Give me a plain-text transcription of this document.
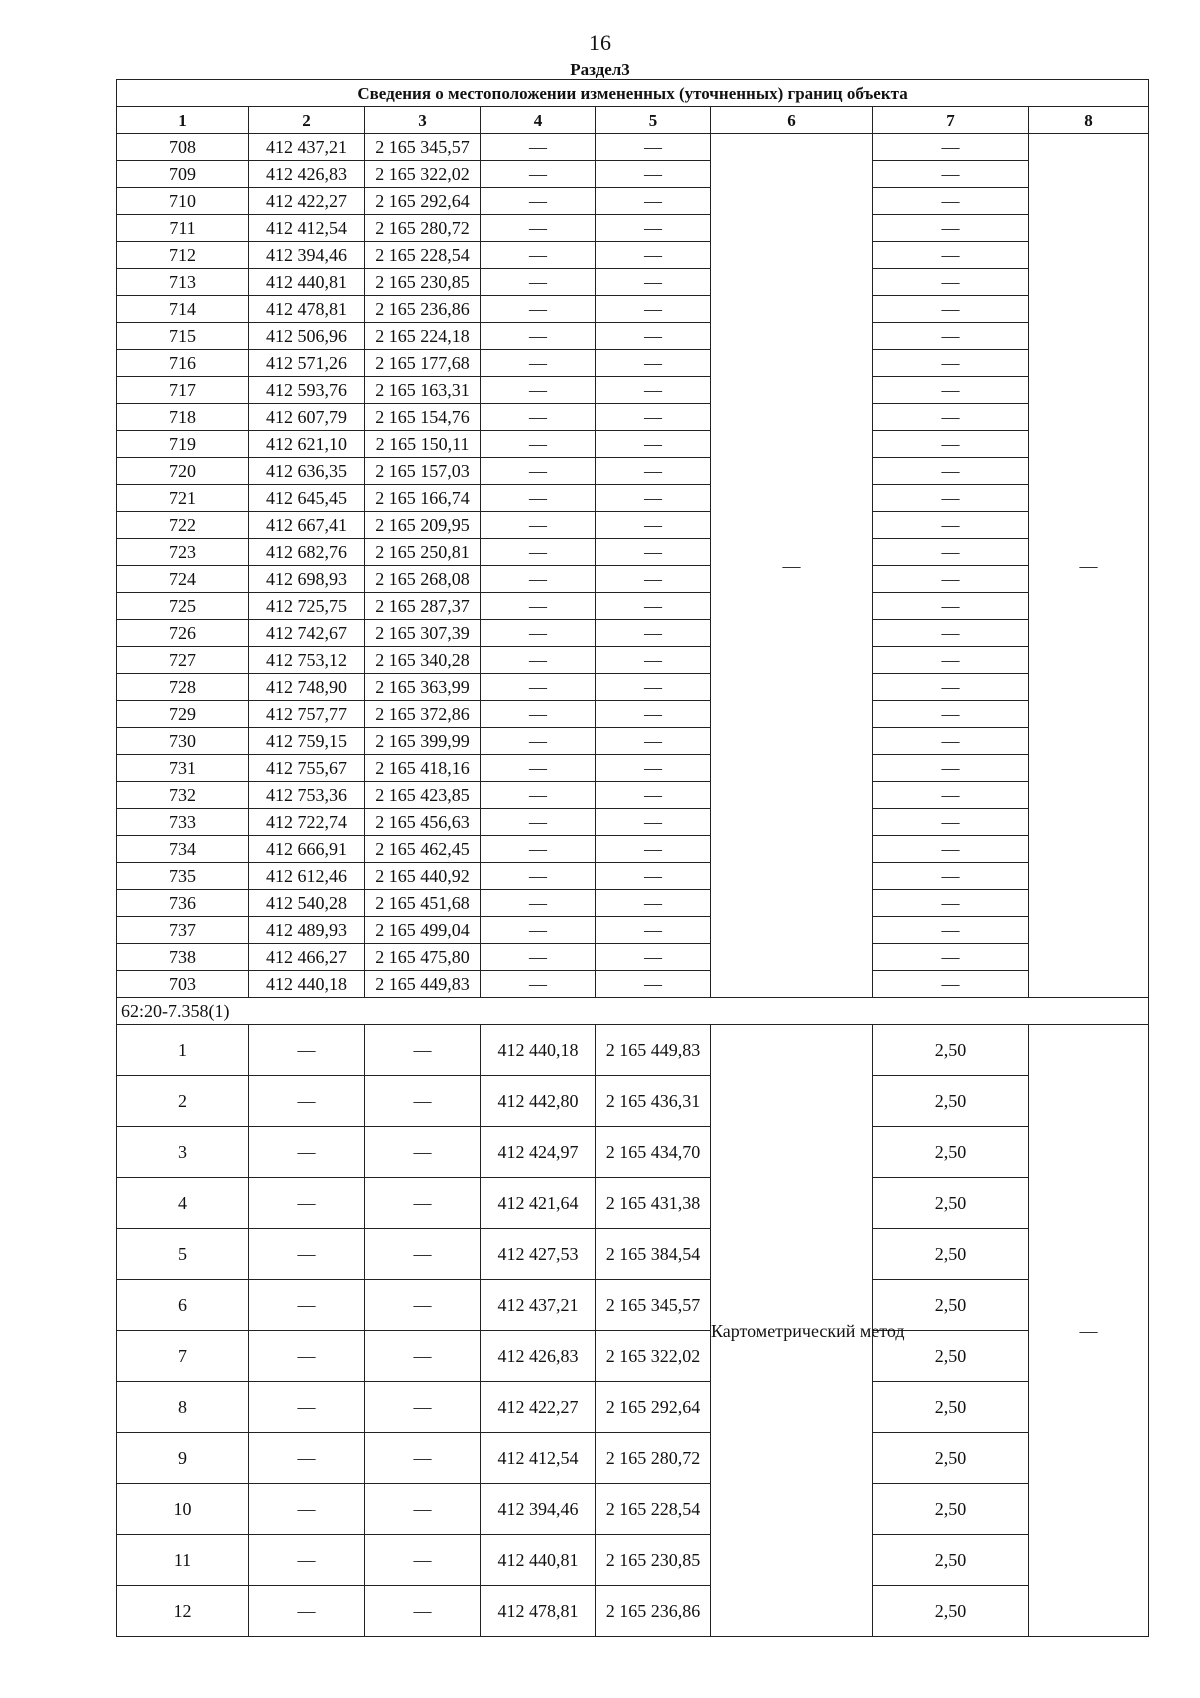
16
Раздел3
Сведения о местоположении измененных (уточненных) границ объекта							
1	2	3	4	5	6	7	8
708	412 437,21	2 165 345,57	—	—	—	—	—
709	412 426,83	2 165 322,02	—	—		—	
710	412 422,27	2 165 292,64	—	—		—	
711	412 412,54	2 165 280,72	—	—		—	
712	412 394,46	2 165 228,54	—	—		—	
713	412 440,81	2 165 230,85	—	—		—	
714	412 478,81	2 165 236,86	—	—		—	
715	412 506,96	2 165 224,18	—	—		—	
716	412 571,26	2 165 177,68	—	—		—	
717	412 593,76	2 165 163,31	—	—		—	
718	412 607,79	2 165 154,76	—	—		—	
719	412 621,10	2 165 150,11	—	—		—	
720	412 636,35	2 165 157,03	—	—		—	
721	412 645,45	2 165 166,74	—	—		—	
722	412 667,41	2 165 209,95	—	—		—	
723	412 682,76	2 165 250,81	—	—		—	
724	412 698,93	2 165 268,08	—	—		—	
725	412 725,75	2 165 287,37	—	—		—	
726	412 742,67	2 165 307,39	—	—		—	
727	412 753,12	2 165 340,28	—	—		—	
728	412 748,90	2 165 363,99	—	—		—	
729	412 757,77	2 165 372,86	—	—		—	
730	412 759,15	2 165 399,99	—	—		—	
731	412 755,67	2 165 418,16	—	—		—	
732	412 753,36	2 165 423,85	—	—		—	
733	412 722,74	2 165 456,63	—	—		—	
734	412 666,91	2 165 462,45	—	—		—	
735	412 612,46	2 165 440,92	—	—		—	
736	412 540,28	2 165 451,68	—	—		—	
737	412 489,93	2 165 499,04	—	—		—	
738	412 466,27	2 165 475,80	—	—		—	
703	412 440,18	2 165 449,83	—	—		—	
62:20-7.358(1)							
1	—	—	412 440,18	2 165 449,83	Картометрический метод	2,50	—
2	—	—	412 442,80	2 165 436,31		2,50	
3	—	—	412 424,97	2 165 434,70		2,50	
4	—	—	412 421,64	2 165 431,38		2,50	
5	—	—	412 427,53	2 165 384,54		2,50	
6	—	—	412 437,21	2 165 345,57		2,50	
7	—	—	412 426,83	2 165 322,02		2,50	
8	—	—	412 422,27	2 165 292,64		2,50	
9	—	—	412 412,54	2 165 280,72		2,50	
10	—	—	412 394,46	2 165 228,54		2,50	
11	—	—	412 440,81	2 165 230,85		2,50	
12	—	—	412 478,81	2 165 236,86		2,50	
